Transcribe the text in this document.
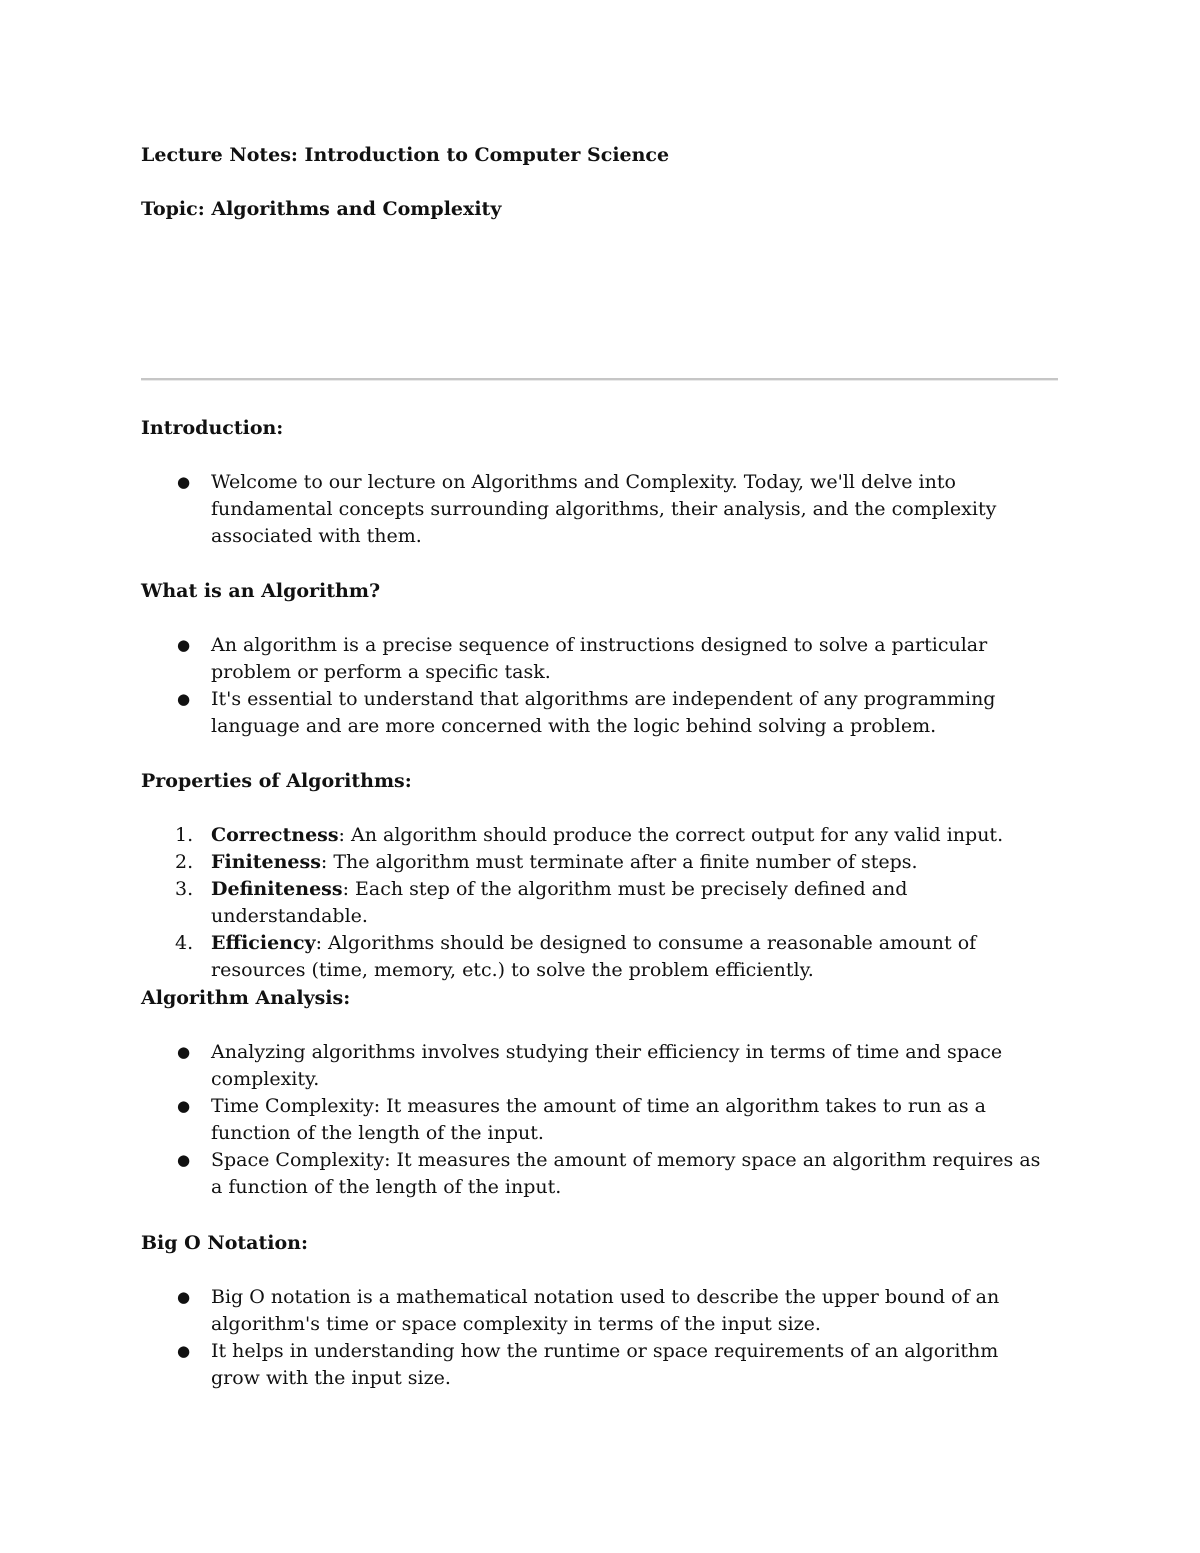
Lecture Notes: Introduction to Computer Science

Topic: Algorithms and Complexity

Introduction:

● Welcome to our lecture on Algorithms and Complexity. Today, we'll delve into fundamental concepts surrounding algorithms, their analysis, and the complexity associated with them.

What is an Algorithm?

● An algorithm is a precise sequence of instructions designed to solve a particular problem or perform a specific task.
● It's essential to understand that algorithms are independent of any programming language and are more concerned with the logic behind solving a problem.

Properties of Algorithms:

1. Correctness: An algorithm should produce the correct output for any valid input.
2. Finiteness: The algorithm must terminate after a finite number of steps.
3. Definiteness: Each step of the algorithm must be precisely defined and understandable.
4. Efficiency: Algorithms should be designed to consume a reasonable amount of resources (time, memory, etc.) to solve the problem efficiently.

Algorithm Analysis:

● Analyzing algorithms involves studying their efficiency in terms of time and space complexity.
● Time Complexity: It measures the amount of time an algorithm takes to run as a function of the length of the input.
● Space Complexity: It measures the amount of memory space an algorithm requires as a function of the length of the input.

Big O Notation:

● Big O notation is a mathematical notation used to describe the upper bound of an algorithm's time or space complexity in terms of the input size.
● It helps in understanding how the runtime or space requirements of an algorithm grow with the input size.
